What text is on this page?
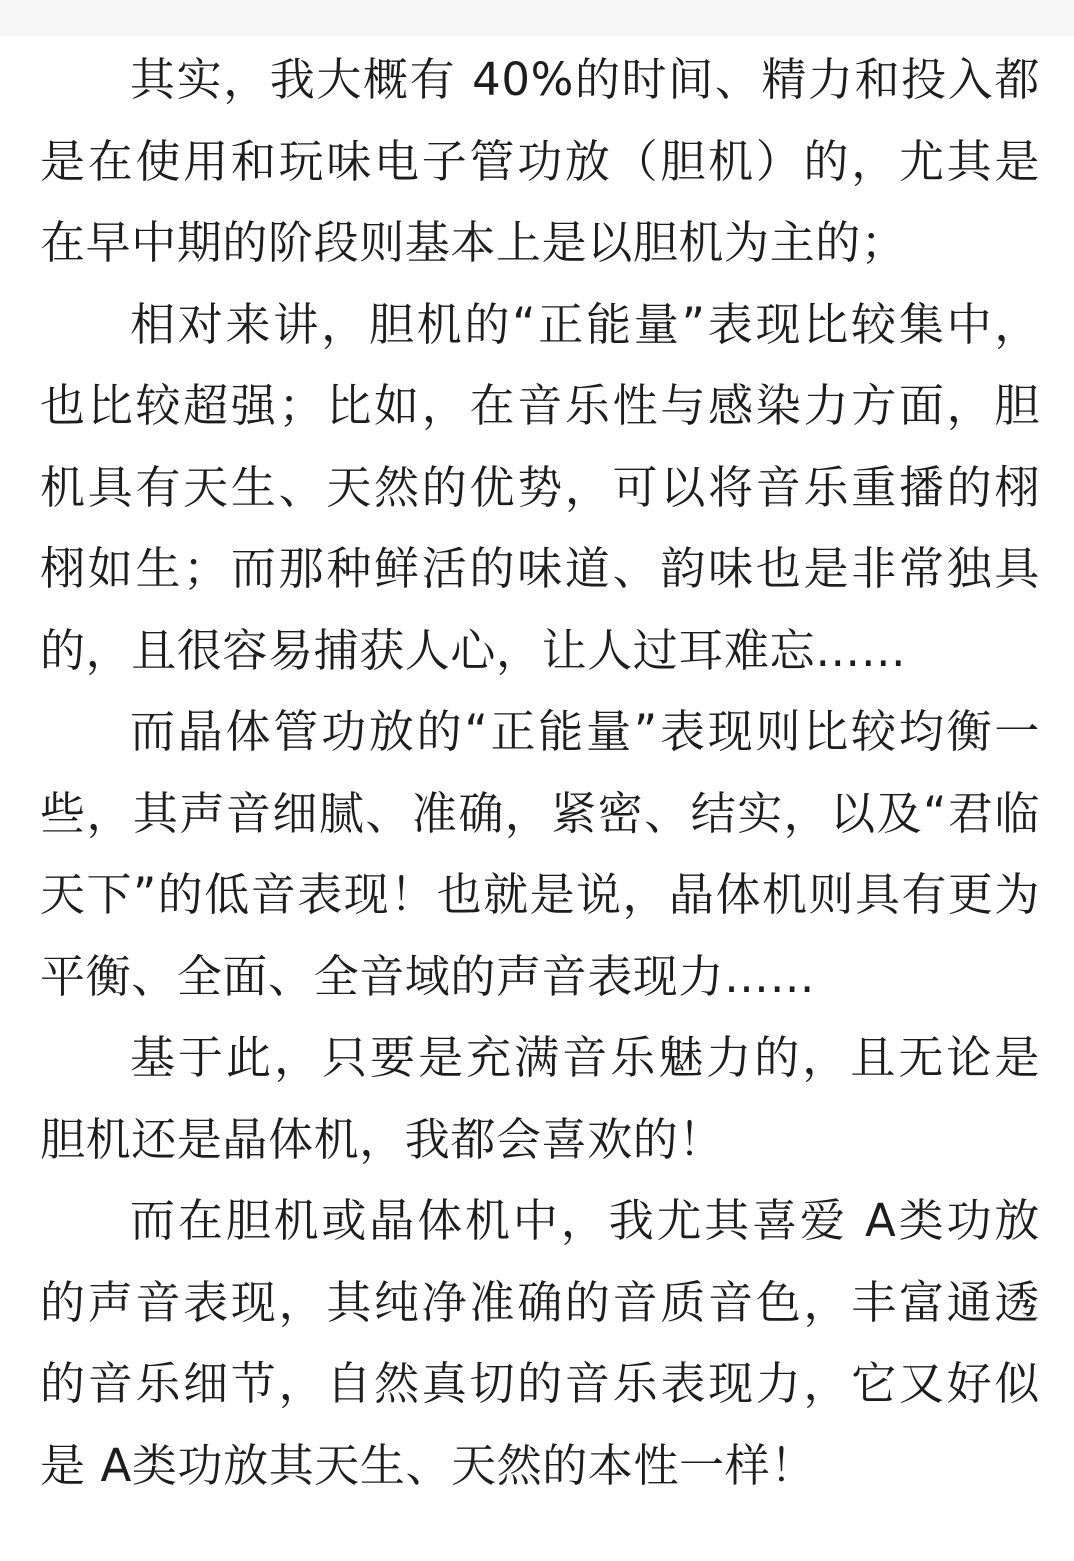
其实，我大概有 40%的时间、精力和投入都是在使用和玩味电子管功放（胆机）的，尤其是在早中期的阶段则基本上是以胆机为主的；

相对来讲，胆机的“正能量”表现比较集中，也比较超强；比如，在音乐性与感染力方面，胆机具有天生、天然的优势，可以将音乐重播的栩栩如生；而那种鲜活的味道、韵味也是非常独具的，且很容易捕获人心，让人过耳难忘……

而晶体管功放的“正能量”表现则比较均衡一些，其声音细腻、准确，紧密、结实，以及“君临天下”的低音表现！也就是说，晶体机则具有更为平衡、全面、全音域的声音表现力……

基于此，只要是充满音乐魅力的，且无论是胆机还是晶体机，我都会喜欢的！

而在胆机或晶体机中，我尤其喜爱 A类功放的声音表现，其纯净准确的音质音色，丰富通透的音乐细节，自然真切的音乐表现力，它又好似是 A类功放其天生、天然的本性一样！
